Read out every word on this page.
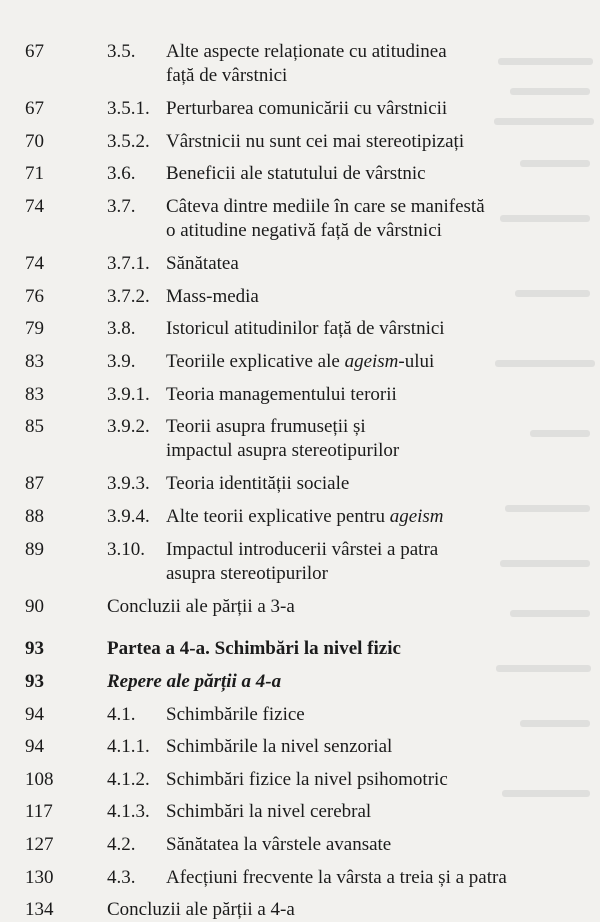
67	3.5. Alte aspecte relaționate cu atitudinea
față de vârstnici
67	3.5.1. Perturbarea comunicării cu vârstnicii
70	3.5.2. Vârstnicii nu sunt cei mai stereotipizați
71	3.6. Beneficii ale statutului de vârstnic
74	3.7. Câteva dintre mediile în care se manifestă
o atitudine negativă față de vârstnici
74	3.7.1. Sănătatea
76	3.7.2. Mass-media
79	3.8. Istoricul atitudinilor față de vârstnici
83	3.9. Teoriile explicative ale ageism-ului
83	3.9.1. Teoria managementului terorii
85	3.9.2. Teorii asupra frumuseții și
impactul asupra stereotipurilor
87	3.9.3. Teoria identității sociale
88	3.9.4. Alte teorii explicative pentru ageism
89	3.10. Impactul introducerii vârstei a patra
asupra stereotipurilor
90	Concluzii ale părții a 3-a
93	Partea a 4-a. Schimbări la nivel fizic
93	Repere ale părții a 4-a
94	4.1. Schimbările fizice
94	4.1.1. Schimbările la nivel senzorial
108	4.1.2. Schimbări fizice la nivel psihomotric
117	4.1.3. Schimbări la nivel cerebral
127	4.2. Sănătatea la vârstele avansate
130	4.3. Afecțiuni frecvente la vârsta a treia și a patra
134	Concluzii ale părții a 4-a
